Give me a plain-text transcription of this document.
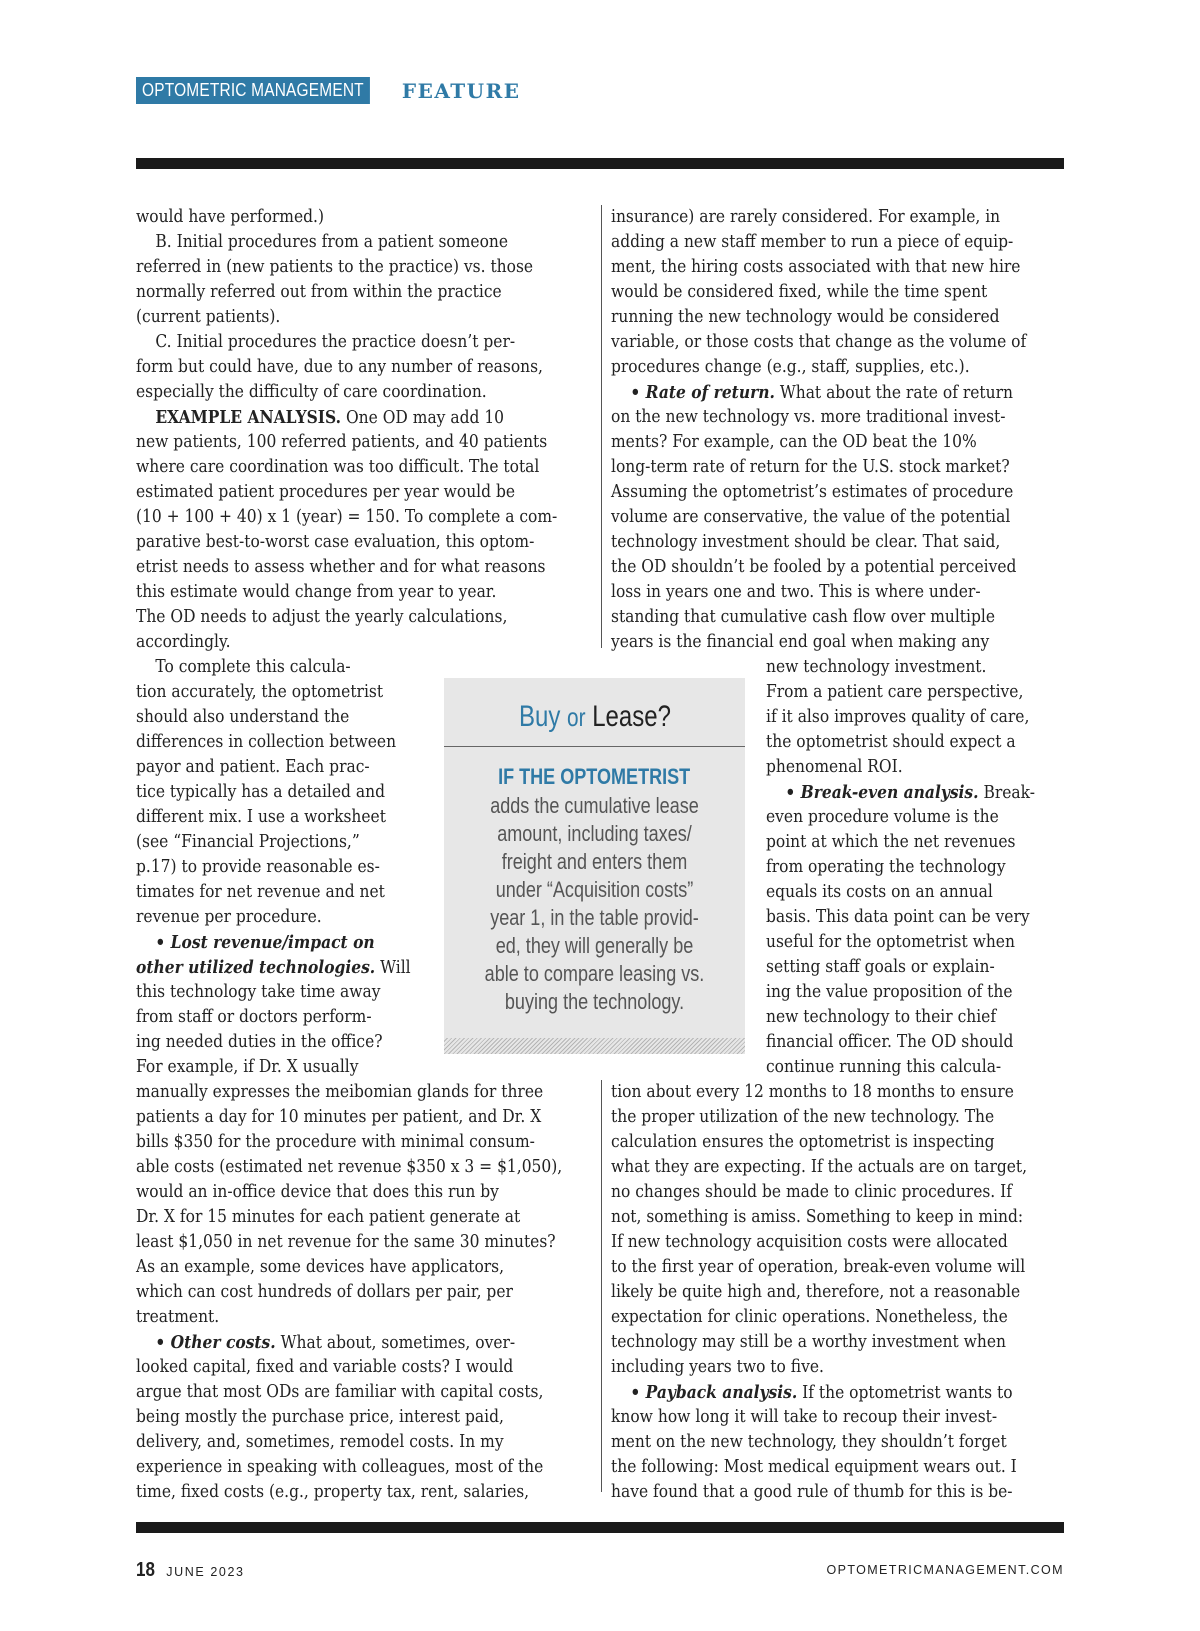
OPTOMETRIC MANAGEMENT	FEATURE
would have performed.)
B. Initial procedures from a patient someone
referred in (new patients to the practice) vs. those
normally referred out from within the practice
(current patients).
C. Initial procedures the practice doesn’t per-
form but could have, due to any number of reasons,
especially the difficulty of care coordination.
EXAMPLE ANALYSIS. One OD may add 10
new patients, 100 referred patients, and 40 patients
where care coordination was too difficult. The total
estimated patient procedures per year would be
(10 + 100 + 40) x 1 (year) = 150. To complete a com-
parative best-to-worst case evaluation, this optom-
etrist needs to assess whether and for what reasons
this estimate would change from year to year.
The OD needs to adjust the yearly calculations,
accordingly.
To complete this calcula-
tion accurately, the optometrist
should also understand the
differences in collection between
payor and patient. Each prac-
tice typically has a detailed and
different mix. I use a worksheet
(see “Financial Projections,”
p.17) to provide reasonable es-
timates for net revenue and net
revenue per procedure.
• Lost revenue/impact on
other utilized technologies. Will
this technology take time away
from staff or doctors perform-
ing needed duties in the office?
For example, if Dr. X usually
manually expresses the meibomian glands for three
patients a day for 10 minutes per patient, and Dr. X
bills $350 for the procedure with minimal consum-
able costs (estimated net revenue $350 x 3 = $1,050),
would an in-office device that does this run by
Dr. X for 15 minutes for each patient generate at
least $1,050 in net revenue for the same 30 minutes?
As an example, some devices have applicators,
which can cost hundreds of dollars per pair, per
treatment.
• Other costs. What about, sometimes, over-
looked capital, fixed and variable costs? I would
argue that most ODs are familiar with capital costs,
being mostly the purchase price, interest paid,
delivery, and, sometimes, remodel costs. In my
experience in speaking with colleagues, most of the
time, fixed costs (e.g., property tax, rent, salaries,
insurance) are rarely considered. For example, in
adding a new staff member to run a piece of equip-
ment, the hiring costs associated with that new hire
would be considered fixed, while the time spent
running the new technology would be considered
variable, or those costs that change as the volume of
procedures change (e.g., staff, supplies, etc.).
• Rate of return. What about the rate of return
on the new technology vs. more traditional invest-
ments? For example, can the OD beat the 10%
long-term rate of return for the U.S. stock market?
Assuming the optometrist’s estimates of procedure
volume are conservative, the value of the potential
technology investment should be clear. That said,
the OD shouldn’t be fooled by a potential perceived
loss in years one and two. This is where under-
standing that cumulative cash flow over multiple
years is the financial end goal when making any
new technology investment.
From a patient care perspective,
if it also improves quality of care,
the optometrist should expect a
phenomenal ROI.
• Break-even analysis. Break-
even procedure volume is the
point at which the net revenues
from operating the technology
equals its costs on an annual
basis. This data point can be very
useful for the optometrist when
setting staff goals or explain-
ing the value proposition of the
new technology to their chief
financial officer. The OD should
continue running this calcula-
tion about every 12 months to 18 months to ensure
the proper utilization of the new technology. The
calculation ensures the optometrist is inspecting
what they are expecting. If the actuals are on target,
no changes should be made to clinic procedures. If
not, something is amiss. Something to keep in mind:
If new technology acquisition costs were allocated
to the first year of operation, break-even volume will
likely be quite high and, therefore, not a reasonable
expectation for clinic operations. Nonetheless, the
technology may still be a worthy investment when
including years two to five.
• Payback analysis. If the optometrist wants to
know how long it will take to recoup their invest-
ment on the new technology, they shouldn’t forget
the following: Most medical equipment wears out. I
have found that a good rule of thumb for this is be-
Buy or Lease?
IF THE OPTOMETRIST
adds the cumulative lease
amount, including taxes/
freight and enters them
under “Acquisition costs”
year 1, in the table provid-
ed, they will generally be
able to compare leasing vs.
buying the technology.
18 JUNE 2023	OPTOMETRICMANAGEMENT.COM
